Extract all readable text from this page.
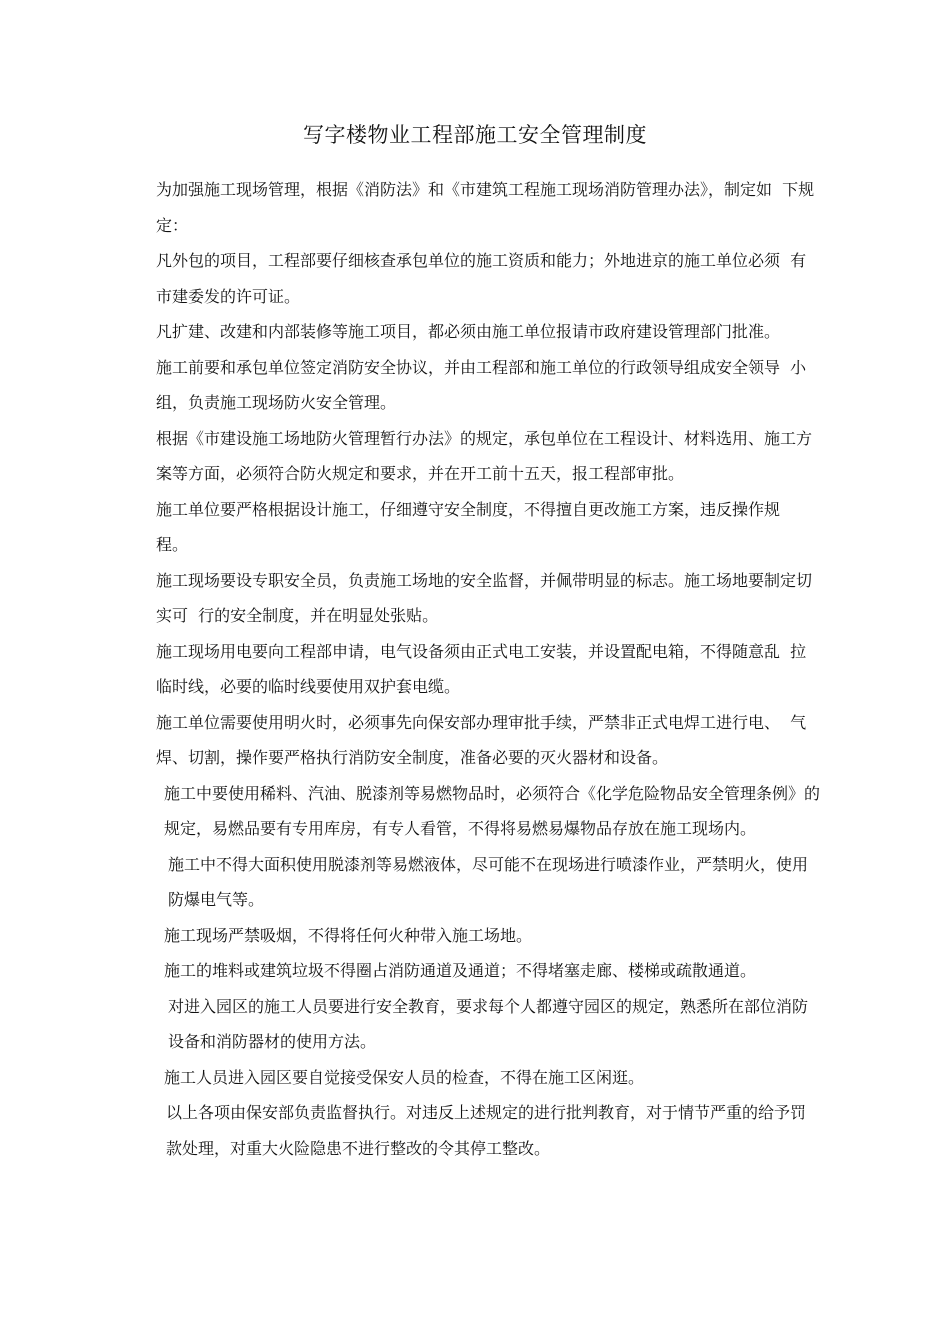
写字楼物业工程部施工安全管理制度

为加强施工现场管理，根据《消防法》和《市建筑工程施工现场消防管理办法》，制定如  下规定：

凡外包的项目，工程部要仔细核查承包单位的施工资质和能力；外地进京的施工单位必须  有市建委发的许可证。

凡扩建、改建和内部装修等施工项目，都必须由施工单位报请市政府建设管理部门批准。

施工前要和承包单位签定消防安全协议，并由工程部和施工单位的行政领导组成安全领导  小组，负责施工现场防火安全管理。

根据《市建设施工场地防火管理暂行办法》的规定，承包单位在工程设计、材料选用、施工方  案等方面，必须符合防火规定和要求，并在开工前十五天，报工程部审批。

施工单位要严格根据设计施工，仔细遵守安全制度，不得擅自更改施工方案，违反操作规  程。

施工现场要设专职安全员，负责施工场地的安全监督，并佩带明显的标志。施工场地要制定切实可  行的安全制度，并在明显处张贴。

施工现场用电要向工程部申请，电气设备须由正式电工安装，并设置配电箱，不得随意乱  拉临时线，必要的临时线要使用双护套电缆。

施工单位需要使用明火时，必须事先向保安部办理审批手续，严禁非正式电焊工进行电、  气焊、切割，操作要严格执行消防安全制度，准备必要的灭火器材和设备。

施工中要使用稀料、汽油、脱漆剂等易燃物品时，必须符合《化学危险物品安全管理条例》的规定，易燃品要有专用库房，有专人看管，不得将易燃易爆物品存放在施工现场内。

施工中不得大面积使用脱漆剂等易燃液体，尽可能不在现场进行喷漆作业，严禁明火，使用防爆电气等。

施工现场严禁吸烟，不得将任何火种带入施工场地。

施工的堆料或建筑垃圾不得圈占消防通道及通道；不得堵塞走廊、楼梯或疏散通道。

对进入园区的施工人员要进行安全教育，要求每个人都遵守园区的规定，熟悉所在部位消防设备和消防器材的使用方法。

施工人员进入园区要自觉接受保安人员的检查，不得在施工区闲逛。

以上各项由保安部负责监督执行。对违反上述规定的进行批判教育，对于情节严重的给予罚款处理，对重大火险隐患不进行整改的令其停工整改。
